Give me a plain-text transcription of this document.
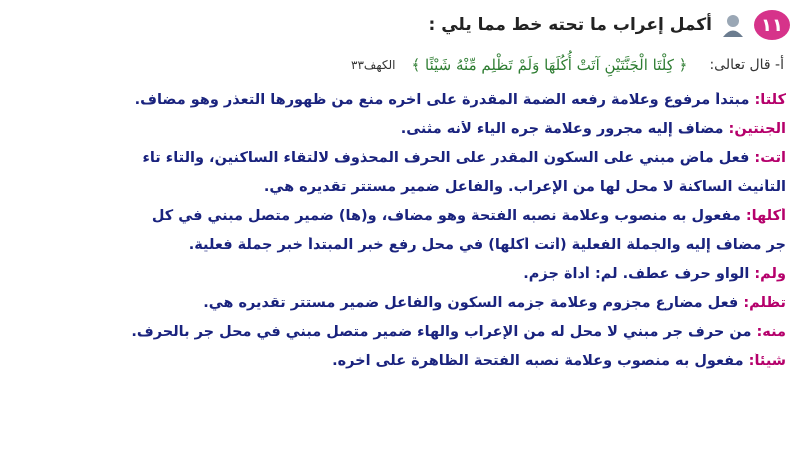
١١
أكمل إعراب ما تحته خط مما يلي :
أ- قال تعالى:
﴿ كِلْتَا الْجَنَّتَيْنِ آتَتْ أُكُلَهَا وَلَمْ تَظْلِم مِّنْهُ شَيْئًا ﴾
الكهف٣٣
كلتا: مبتدأ مرفوع وعلامة رفعه الضمة المقدرة على آخره منع من ظهورها التعذر وهو مضاف.
الجنتين: مضاف إليه مجرور وعلامة جره الياء لأنه مثنى.
آتت: فعل ماض مبني على السكون المقدر على الحرف المحذوف لالتقاء الساكنين، والتاء تاء
التأنيث الساكنة لا محل لها من الإعراب. والفاعل ضمير مستتر تقديره هي.
أكلها: مفعول به منصوب وعلامة نصبه الفتحة وهو مضاف، و(ها) ضمير متصل مبني في كل
جر مضاف إليه والجملة الفعلية (أتت أكلها) في محل رفع خبر المبتدأ خبر جملة فعلية.
ولم: الواو حرف عطف. لم: أداة جزم.
تظلم: فعل مضارع مجزوم وعلامة جزمه السكون والفاعل ضمير مستتر تقديره هي.
منه: من حرف جر مبني لا محل له من الإعراب والهاء ضمير متصل مبني في محل جر بالحرف.
شيئاً: مفعول به منصوب وعلامة نصبه الفتحة الظاهرة على آخره.
